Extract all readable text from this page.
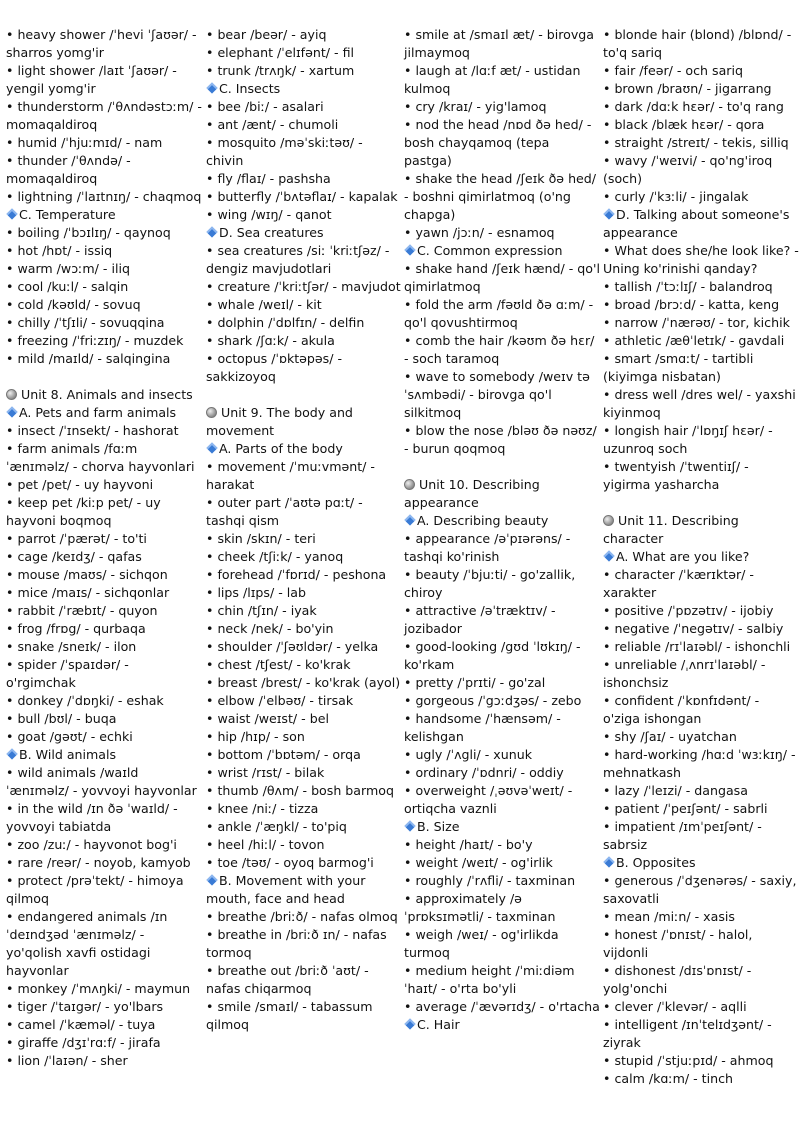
• heavy shower /ˈhevi ˈʃaʊər/ - sharros yomg'ir
• light shower /laɪt ˈʃaʊər/ - yengil yomg'ir
• thunderstorm /ˈθʌndəstɔːm/ - momaqaldiroq
• humid /ˈhjuːmɪd/ - nam
• thunder /ˈθʌndə/ - momaqaldiroq
• lightning /ˈlaɪtnɪŋ/ - chaqmoq
C. Temperature
• boiling /ˈbɔɪlɪŋ/ - qaynoq
• hot /hɒt/ - issiq
• warm /wɔːm/ - iliq
• cool /kuːl/ - salqin
• cold /kəʊld/ - sovuq
• chilly /ˈtʃɪli/ - sovuqqina
• freezing /ˈfriːzɪŋ/ - muzdek
• mild /maɪld/ - salqingina
Unit 8. Animals and insects
A. Pets and farm animals
• insect /ˈɪnsekt/ - hashorat
• farm animals /fɑːm ˈænɪməlz/ - chorva hayvonlari
• pet /pet/ - uy hayvoni
• keep pet /kiːp pet/ - uy hayvoni boqmoq
• parrot /ˈpærət/ - to'ti
• cage /keɪdʒ/ - qafas
• mouse /maʊs/ - sichqon
• mice /maɪs/ - sichqonlar
• rabbit /ˈræbɪt/ - quyon
• frog /frɒg/ - qurbaqa
• snake /sneɪk/ - ilon
• spider /ˈspaɪdər/ - o'rgimchak
• donkey /ˈdɒŋki/ - eshak
• bull /bʊl/ - buqa
• goat /gəʊt/ - echki
B. Wild animals
• wild animals /waɪld ˈænɪməlz/ - yovvoyi hayvonlar
• in the wild /ɪn ðə ˈwaɪld/ - yovvoyi tabiatda
• zoo /zuː/ - hayvonot bog'i
• rare /reər/ - noyob, kamyob
• protect /prəˈtekt/ - himoya qilmoq
• endangered animals /ɪn ˈdeɪndʒəd ˈænɪməlz/ - yo'qolish xavfi ostidagi hayvonlar
• monkey /ˈmʌŋki/ - maymun
• tiger /ˈtaɪgər/ - yo'lbars
• camel /ˈkæməl/ - tuya
• giraffe /dʒɪˈrɑːf/ - jirafa
• lion /ˈlaɪən/ - sher
• bear /beər/ - ayiq
• elephant /ˈelɪfənt/ - fil
• trunk /trʌŋk/ - xartum
C. Insects
• bee /biː/ - asalari
• ant /ænt/ - chumoli
• mosquito /məˈskiːtəʊ/ - chivin
• fly /flaɪ/ - pashsha
• butterfly /ˈbʌtəflaɪ/ - kapalak
• wing /wɪŋ/ - qanot
D. Sea creatures
• sea creatures /siː ˈkriːtʃəz/ - dengiz mavjudotlari
• creature /ˈkriːtʃər/ - mavjudot
• whale /weɪl/ - kit
• dolphin /ˈdɒlfɪn/ - delfin
• shark /ʃɑːk/ - akula
• octopus /ˈɒktəpəs/ - sakkizoyoq
Unit 9. The body and movement
A. Parts of the body
• movement /ˈmuːvmənt/ - harakat
• outer part /ˈaʊtə pɑːt/ - tashqi qism
• skin /skɪn/ - teri
• cheek /tʃiːk/ - yanoq
• forehead /ˈfɒrɪd/ - peshona
• lips /lɪps/ - lab
• chin /tʃɪn/ - iyak
• neck /nek/ - bo'yin
• shoulder /ˈʃəʊldər/ - yelka
• chest /tʃest/ - ko'krak
• breast /brest/ - ko'krak (ayol)
• elbow /ˈelbəʊ/ - tirsak
• waist /weɪst/ - bel
• hip /hɪp/ - son
• bottom /ˈbɒtəm/ - orqa
• wrist /rɪst/ - bilak
• thumb /θʌm/ - bosh barmoq
• knee /niː/ - tizza
• ankle /ˈæŋkl/ - to'piq
• heel /hiːl/ - tovon
• toe /təʊ/ - oyoq barmog'i
B. Movement with your mouth, face and head
• breathe /briːð/ - nafas olmoq
• breathe in /briːð ɪn/ - nafas tormoq
• breathe out /briːð ˈaʊt/ - nafas chiqarmoq
• smile /smaɪl/ - tabassum qilmoq
• smile at /smaɪl æt/ - birovga jilmaymoq
• laugh at /lɑːf æt/ - ustidan kulmoq
• cry /kraɪ/ - yig'lamoq
• nod the head /nɒd ðə hed/ - bosh chayqamoq (tepa pastga)
• shake the head /ʃeɪk ðə hed/ - boshni qimirlatmoq (o'ng chapga)
• yawn /jɔːn/ - esnamoq
C. Common expression
• shake hand /ʃeɪk hænd/ - qo'l qimirlatmoq
• fold the arm /fəʊld ðə ɑːm/ - qo'l qovushtirmoq
• comb the hair /kəʊm ðə hɛr/ - soch taramoq
• wave to somebody /weɪv tə ˈsʌmbədi/ - birovga qo'l silkitmoq
• blow the nose /bləʊ ðə nəʊz/ - burun qoqmoq
Unit 10. Describing appearance
A. Describing beauty
• appearance /əˈpɪərəns/ - tashqi ko'rinish
• beauty /ˈbjuːti/ - go'zallik, chiroy
• attractive /əˈtræktɪv/ - jozibador
• good-looking /gʊd ˈlʊkɪŋ/ - ko'rkam
• pretty /ˈprɪti/ - go'zal
• gorgeous /ˈgɔːdʒəs/ - zebo
• handsome /ˈhænsəm/ - kelishgan
• ugly /ˈʌgli/ - xunuk
• ordinary /ˈɒdnri/ - oddiy
• overweight /ˌəʊvəˈweɪt/ - ortiqcha vaznli
B. Size
• height /haɪt/ - bo'y
• weight /weɪt/ - og'irlik
• roughly /ˈrʌfli/ - taxminan
• approximately /əˈprɒksɪmətli/ - taxminan
• weigh /weɪ/ - og'irlikda turmoq
• medium height /ˈmiːdiəm ˈhaɪt/ - o'rta bo'yli
• average /ˈævərɪdʒ/ - o'rtacha
C. Hair
• blonde hair (blond) /blɒnd/ - to'q sariq
• fair /feər/ - och sariq
• brown /braʊn/ - jigarrang
• dark /dɑːk hɛər/ - to'q rang
• black /blæk hɛər/ - qora
• straight /streɪt/ - tekis, silliq
• wavy /ˈweɪvi/ - qo'ng'iroq (soch)
• curly /ˈkɜːli/ - jingalak
D. Talking about someone's appearance
• What does she/he look like? - Uning ko'rinishi qanday?
• tallish /ˈtɔːlɪʃ/ - balandroq
• broad /brɔːd/ - katta, keng
• narrow /ˈnærəʊ/ - tor, kichik
• athletic /æθˈletɪk/ - gavdali
• smart /smɑːt/ - tartibli (kiyimga nisbatan)
• dress well /dres wel/ - yaxshi kiyinmoq
• longish hair /ˈlɒŋɪʃ hɛər/ - uzunroq soch
• twentyish /ˈtwentiɪʃ/ - yigirma yasharcha
Unit 11. Describing character
A. What are you like?
• character /ˈkærɪktər/ - xarakter
• positive /ˈpɒzətɪv/ - ijobiy
• negative /ˈnegətɪv/ - salbiy
• reliable /rɪˈlaɪəbl/ - ishonchli
• unreliable /ˌʌnrɪˈlaɪəbl/ - ishonchsiz
• confident /ˈkɒnfɪdənt/ - o'ziga ishongan
• shy /ʃaɪ/ - uyatchan
• hard-working /hɑːd ˈwɜːkɪŋ/ - mehnatkash
• lazy /ˈleɪzi/ - dangasa
• patient /ˈpeɪʃənt/ - sabrli
• impatient /ɪmˈpeɪʃənt/ - sabrsiz
B. Opposites
• generous /ˈdʒenərəs/ - saxiy, saxovatli
• mean /miːn/ - xasis
• honest /ˈɒnɪst/ - halol, vijdonli
• dishonest /dɪsˈɒnɪst/ - yolg'onchi
• clever /ˈklevər/ - aqlli
• intelligent /ɪnˈtelɪdʒənt/ - ziyrak
• stupid /ˈstjuːpɪd/ - ahmoq
• calm /kɑːm/ - tinch
